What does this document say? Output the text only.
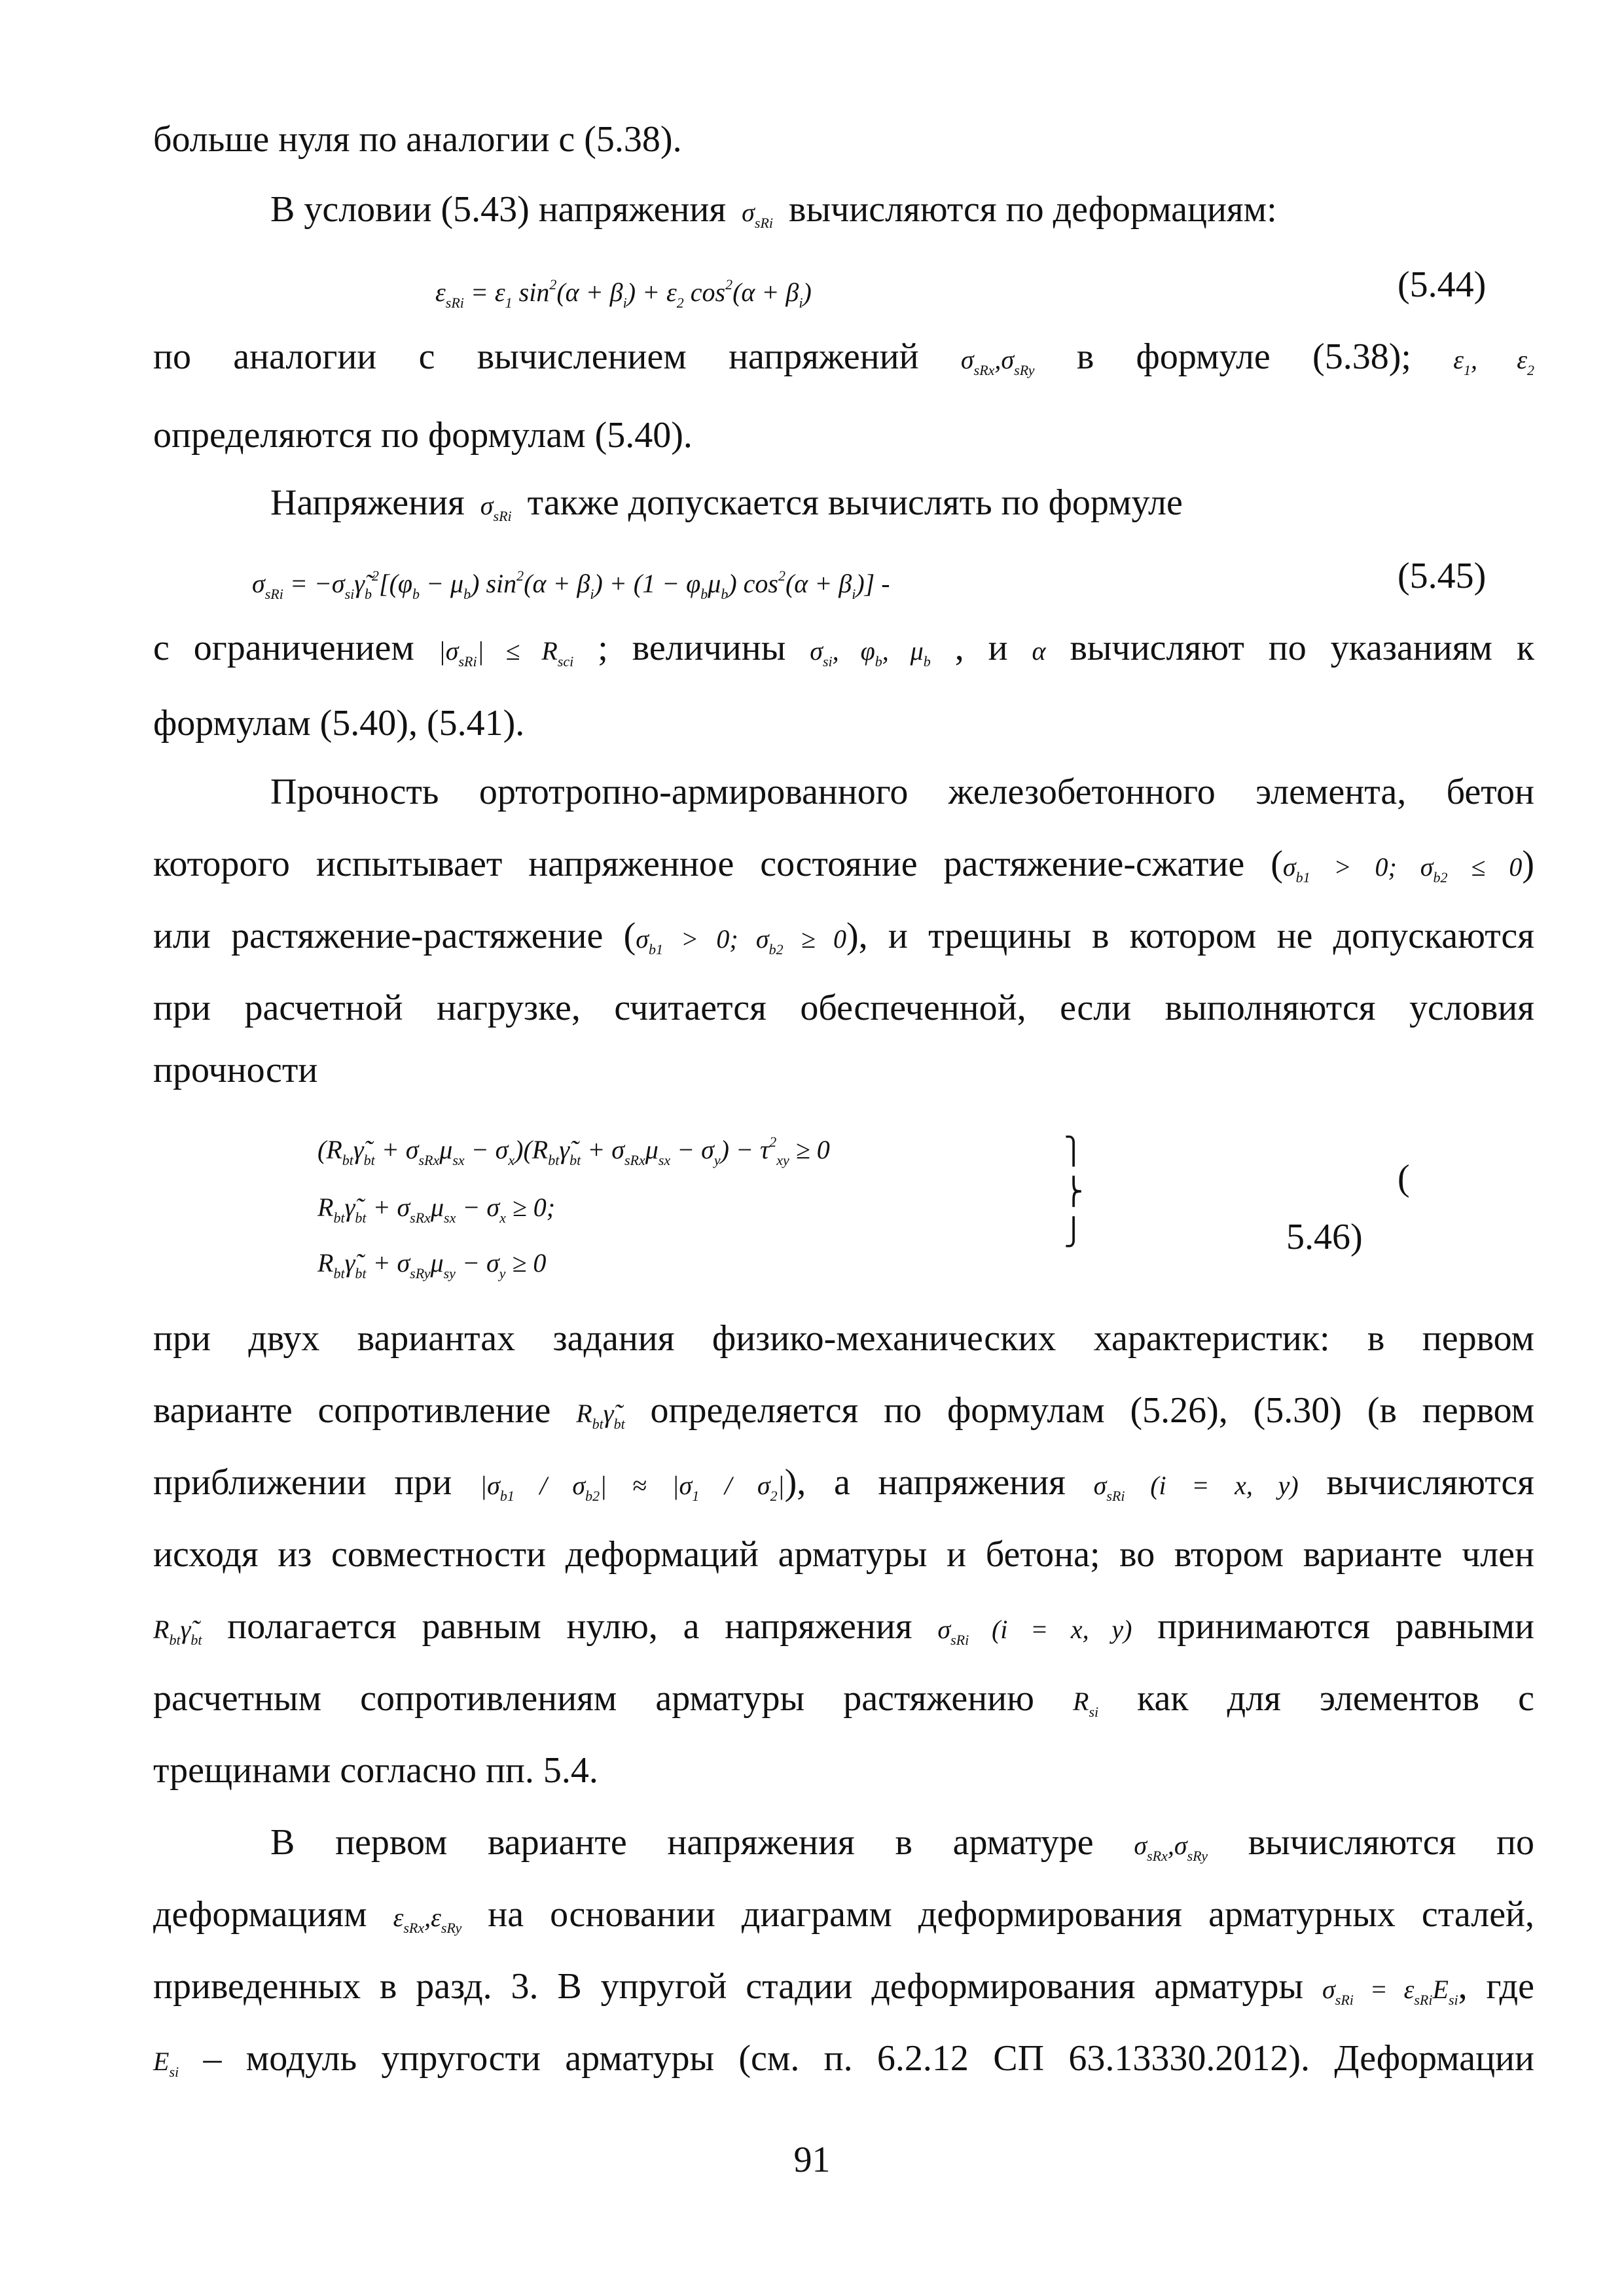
больше нуля по аналогии с (5.38).
В условии (5.43) напряжения  $\sigma_{sRi}$ вычисляются по деформациям:
$\varepsilon_{sRi} = \varepsilon_1$ $\sin^2(\alpha + \beta_i) + \varepsilon_2$ $\cos^2(\alpha + \beta_i)$	(5.44)
по аналогии с вычислением напряжений $\sigma_{sRx},\sigma_{sRy}$ в формуле (5.38); $\varepsilon_1$, $\varepsilon_2$
определяются по формулам (5.40).
Напряжения  $\sigma_{sRi}$ также допускается вычислять по формуле
$\sigma_{sRi}$ = $-\sigma_{si}\gammã_b^2[(\varphi_b - \mu_b) \sin^2(\alpha + \beta_i) + (1 - \varphi_b\mu_b) \cos^2(\alpha + \beta_i)]$ -	(5.45)
с ограничением $|\sigma_{sRi}| \le R_{sci}$ ; величины $\sigma_{si}$, $\varphi_b$, $\mu_b$ , и α вычисляют по указаниям к
формулам (5.40), (5.41).
Прочность ортотропно-армированного железобетонного элемента, бетон
которого испытывает напряженное состояние растяжение-сжатие ($\sigma_{b1} > 0$; $\sigma_{b2} \le 0$)
или растяжение-растяжение ($\sigma_{b1} > 0$; $\sigma_{b2} \ge 0$), и трещины в котором не допускаются
при расчетной нагрузке, считается обеспеченной, если выполняются условия
прочности
($R_{bt}\gammã_{bt} + \sigma_{sRx}\mu_{sx}$ − $\sigma_x)(R_{bt}\gammã_{bt} + \sigma_{sRx}\mu_{sx} - \sigma_y) - \tau^2_{xy} \ge 0$
$R_{bt}\gammã_{bt} + \sigma_{sRx}\mu_{sx} - \sigma_x \ge 0$;
$R_{bt}\gammã_{bt} + \sigma_{sRy}\mu_{sy} - \sigma_y \ge 0$
⎫
⎬
⎭
(
5.46)
при двух вариантах задания физико-механических характеристик: в первом
варианте сопротивление $R_{bt}\gammã_{bt}$ определяется по формулам (5.26), (5.30) (в первом
приближении при $|\sigma_{b1} / \sigma_{b2}| \approx |\sigma_1 / \sigma_2|$), а напряжения $\sigma_{sRi}$ (i = x, y) вычисляются
исходя из совместности деформаций арматуры и бетона; во втором варианте член
$R_{bt}\gammã_{bt}$ полагается равным нулю, а напряжения $\sigma_{sRi}$ (i = x, y) принимаются равными
расчетным сопротивлениям арматуры растяжению $R_{si}$ как для элементов с
трещинами согласно пп. 5.4.
В первом варианте напряжения в арматуре $\sigma_{sRx},\sigma_{sRy}$ вычисляются по
деформациям $\varepsilon_{sRx},\varepsilon_{sRy}$ на основании диаграмм деформирования арматурных сталей,
приведенных в разд. 3. В упругой стадии деформирования арматуры $\sigma_{sRi} = \varepsilon_{sRi}E_{si}$, где
$E_{si}$ – модуль упругости арматуры (см. п. 6.2.12 СП 63.13330.2012). Деформации
91
